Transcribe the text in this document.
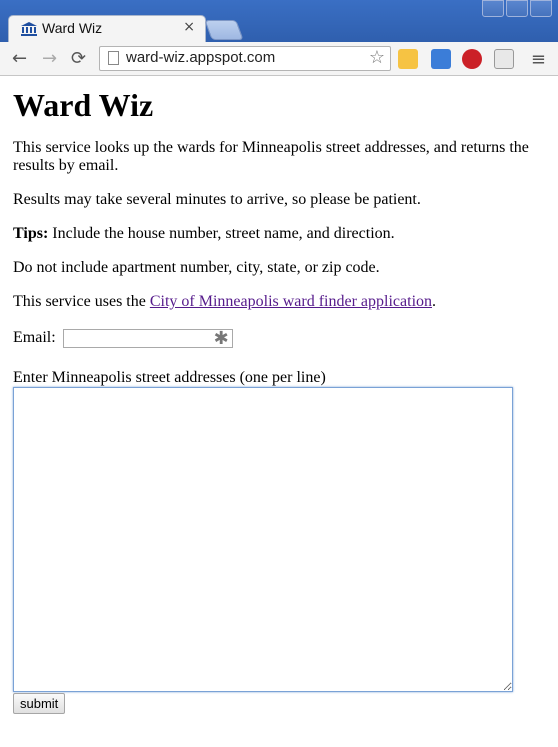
Ward Wiz	×
← → ⟳	ward-wiz.appspot.com	☆	≡
Ward Wiz

This service looks up the wards for Minneapolis street addresses, and returns the results by email.

Results may take several minutes to arrive, so please be patient.

Tips: Include the house number, street name, and direction.

Do not include apartment number, city, state, or zip code.

This service uses the City of Minneapolis ward finder application.

Email:	✱
Enter Minneapolis street addresses (one per line)
submit
